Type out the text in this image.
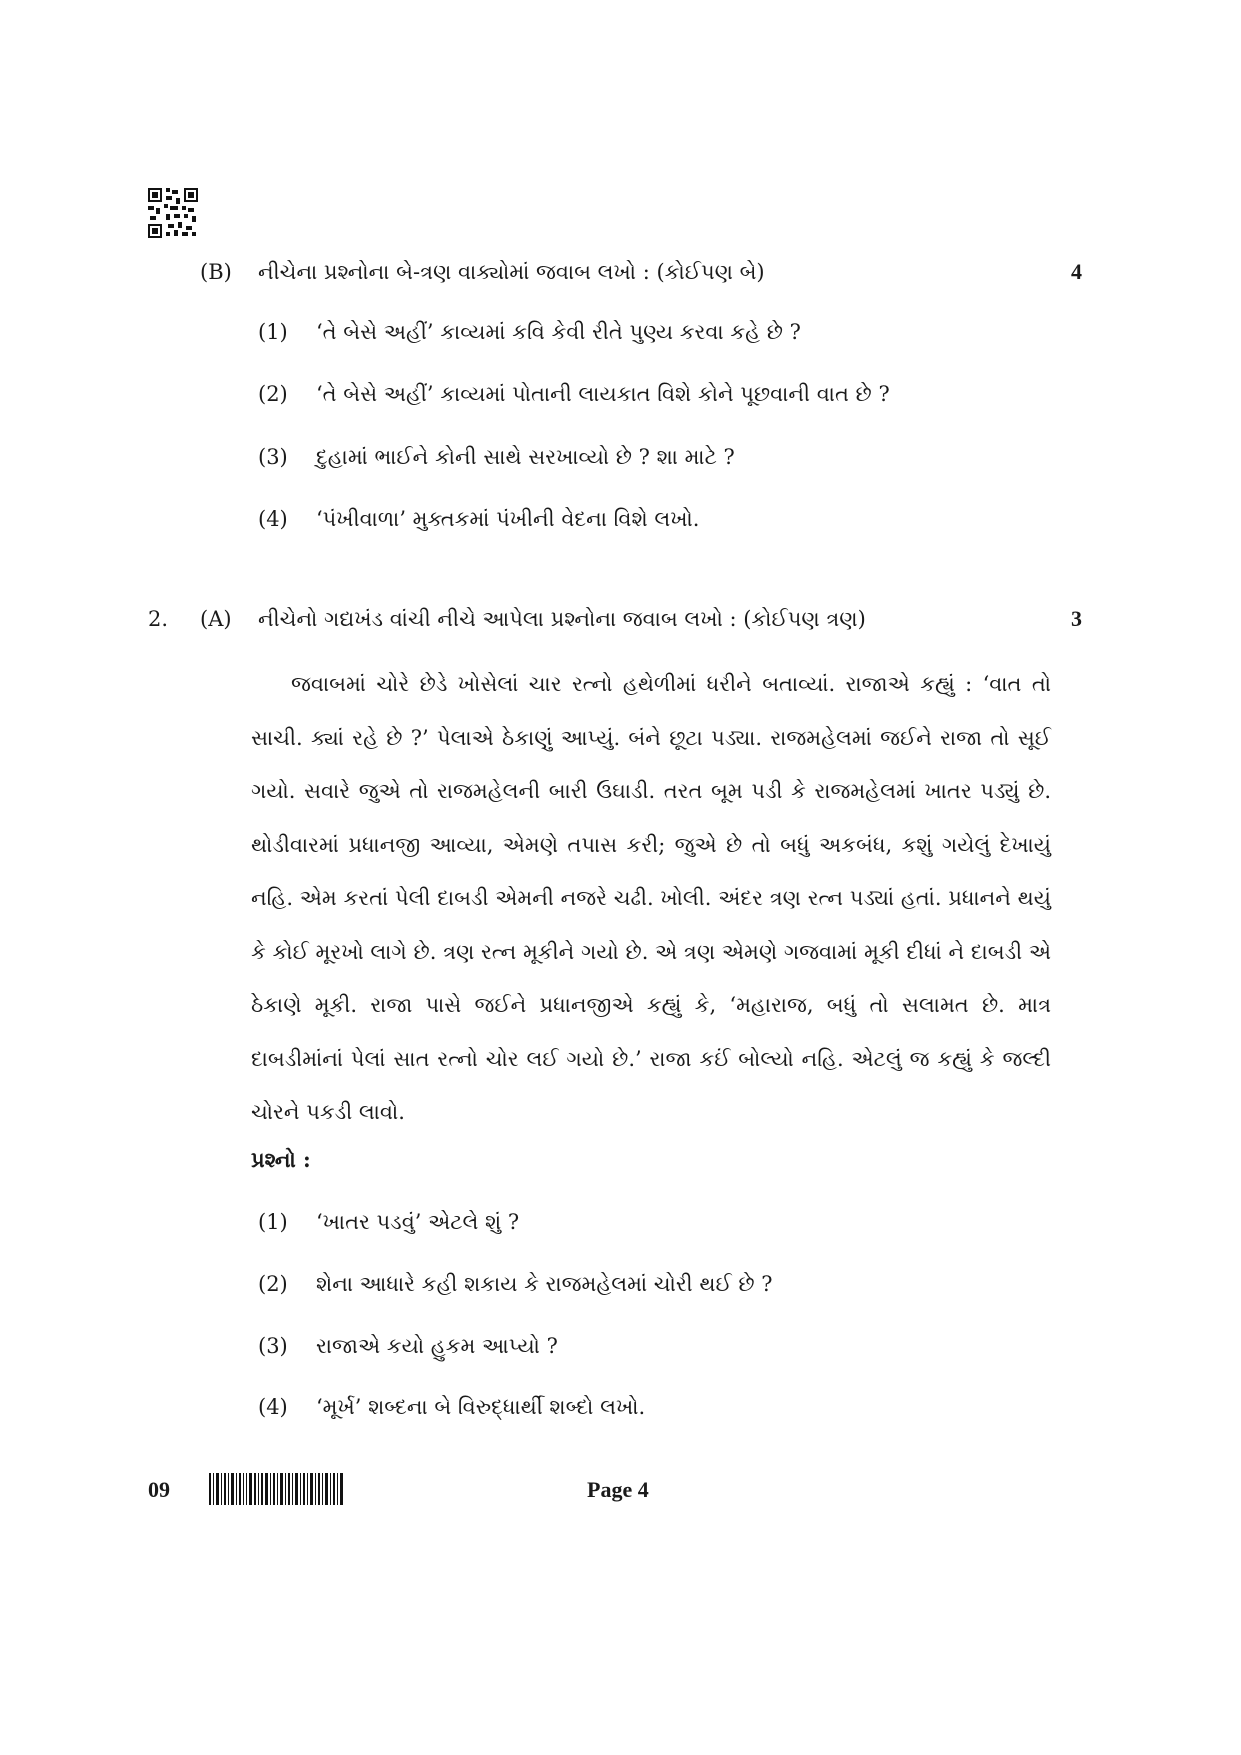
(B) નીચેના પ્રશ્નોના બે-ત્રણ વાક્યોમાં જવાબ લખો : (કોઈપણ બે)	4
(1) ‘તે બેસે અહીં’ કાવ્યમાં કવિ કેવી રીતે પુણ્ય કરવા કહે છે ?
(2) ‘તે બેસે અહીં’ કાવ્યમાં પોતાની લાયકાત વિશે કોને પૂછવાની વાત છે ?
(3) દુહામાં ભાઈને કોની સાથે સરખાવ્યો છે ? શા માટે ?
(4) ‘પંખીવાળા’ મુક્તકમાં પંખીની વેદના વિશે લખો.
2. (A) નીચેનો ગદ્યખંડ વાંચી નીચે આપેલા પ્રશ્નોના જવાબ લખો : (કોઈપણ ત્રણ)	3
જવાબમાં ચોરે છેડે ખોસેલાં ચાર રત્નો હથેળીમાં ધરીને બતાવ્યાં. રાજાએ કહ્યું : ‘વાત તો સાચી. ક્યાં રહે છે ?’ પેલાએ ઠેકાણું આપ્યું. બંને છૂટા પડ્યા. રાજમહેલમાં જઈને રાજા તો સૂઈ ગયો. સવારે જુએ તો રાજમહેલની બારી ઉઘાડી. તરત બૂમ પડી કે રાજમહેલમાં ખાતર પડ્યું છે. થોડીવારમાં પ્રધાનજી આવ્યા, એમણે તપાસ કરી; જુએ છે તો બધું અકબંધ, કશું ગયેલું દેખાયું નહિ. એમ કરતાં પેલી દાબડી એમની નજરે ચઢી. ખોલી. અંદર ત્રણ રત્ન પડ્યાં હતાં. પ્રધાનને થયું કે કોઈ મૂરખો લાગે છે. ત્રણ રત્ન મૂકીને ગયો છે. એ ત્રણ એમણે ગજવામાં મૂકી દીધાં ને દાબડી એ ઠેકાણે મૂકી. રાજા પાસે જઈને પ્રધાનજીએ કહ્યું કે, ‘મહારાજ, બધું તો સલામત છે. માત્ર દાબડીમાંનાં પેલાં સાત રત્નો ચોર લઈ ગયો છે.’ રાજા કઈં બોલ્યો નહિ. એટલું જ કહ્યું કે જલ્દી ચોરને પકડી લાવો.
પ્રશ્નો :
(1) ‘ખાતર પડવું’ એટલે શું ?
(2) શેના આધારે કહી શકાય કે રાજમહેલમાં ચોરી થઈ છે ?
(3) રાજાએ કયો હુકમ આપ્યો ?
(4) ‘મૂર્ખ’ શબ્દના બે વિરુદ્ધાર્થી શબ્દો લખો.
09	Page 4
